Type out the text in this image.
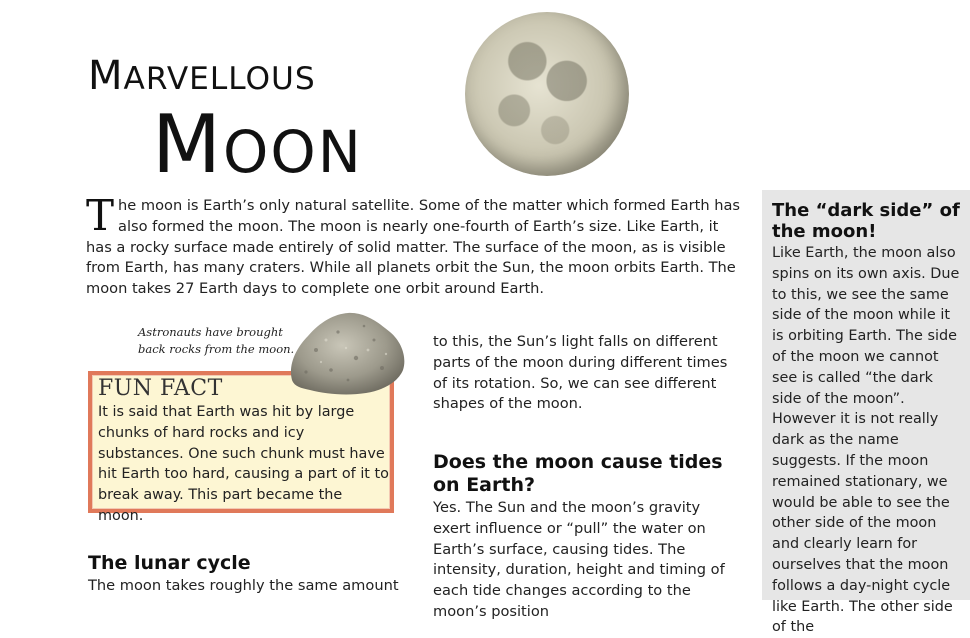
MARVELLOUS
MOON
The moon is Earth’s only natural satellite. Some of the matter which formed Earth has also formed the moon. The moon is nearly one-fourth of Earth’s size. Like Earth, it has a rocky surface made entirely of solid matter. The surface of the moon, as is visible from Earth, has many craters. While all planets orbit the Sun, the moon orbits Earth. The moon takes 27 Earth days to complete one orbit around Earth.
Astronauts have brought
back rocks from the moon.
FUN FACT
It is said that Earth was hit by large chunks of hard rocks and icy substances. One such chunk must have hit Earth too hard, causing a part of it to break away. This part became the moon.
The lunar cycle
The moon takes roughly the same amount
to this, the Sun’s light falls on different parts of the moon during different times of its rotation. So, we can see different shapes of the moon.
Does the moon cause tides on Earth?
Yes. The Sun and the moon’s gravity exert influence or “pull” the water on Earth’s surface, causing tides. The intensity, duration, height and timing of each tide changes according to the moon’s position
The “dark side” of the moon!
Like Earth, the moon also spins on its own axis. Due to this, we see the same side of the moon while it is orbiting Earth. The side of the moon we cannot see is called “the dark side of the moon”. However it is not really dark as the name suggests. If the moon remained stationary, we would be able to see the other side of the moon and clearly learn for ourselves that the moon follows a day-night cycle like Earth. The other side of the
